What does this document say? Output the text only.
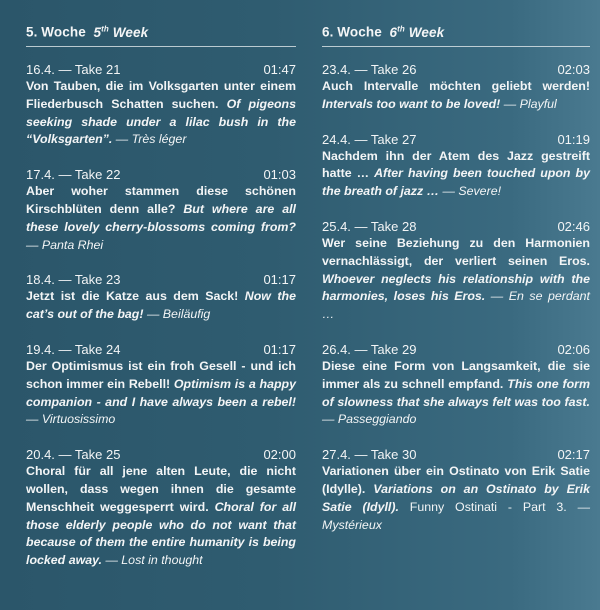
5. Woche 5th Week
16.4. — Take 21	01:47
Von Tauben, die im Volksgarten unter einem Fliederbusch Schatten suchen. Of pigeons seeking shade under a lilac bush in the “Volksgarten”. — Très léger
17.4. — Take 22	01:03
Aber woher stammen diese schönen Kirschblüten denn alle? But where are all these lovely cherry-blossoms coming from? — Panta Rhei
18.4. — Take 23	01:17
Jetzt ist die Katze aus dem Sack! Now the cat’s out of the bag! — Beiläufig
19.4. — Take 24	01:17
Der Optimismus ist ein froh Gesell - und ich schon immer ein Rebell! Optimism is a happy companion - and I have always been a rebel! — Virtuosissimo
20.4. — Take 25	02:00
Choral für all jene alten Leute, die nicht wollen, dass wegen ihnen die gesamte Menschheit weggesperrt wird. Choral for all those elderly people who do not want that because of them the entire humanity is being locked away. — Lost in thought
6. Woche 6th Week
23.4. — Take 26	02:03
Auch Intervalle möchten geliebt werden! Intervals too want to be loved! — Playful
24.4. — Take 27	01:19
Nachdem ihn der Atem des Jazz gestreift hatte … After having been touched upon by the breath of jazz … — Severe!
25.4. — Take 28	02:46
Wer seine Beziehung zu den Harmonien vernachlässigt, der verliert seinen Eros. Whoever neglects his relationship with the harmonies, loses his Eros. — En se perdant …
26.4. — Take 29	02:06
Diese eine Form von Langsamkeit, die sie immer als zu schnell empfand. This one form of slowness that she always felt was too fast. — Passeggiando
27.4. — Take 30	02:17
Variationen über ein Ostinato von Erik Satie (Idylle). Variations on an Ostinato by Erik Satie (Idyll). Funny Ostinati - Part 3. — Mystérieux
